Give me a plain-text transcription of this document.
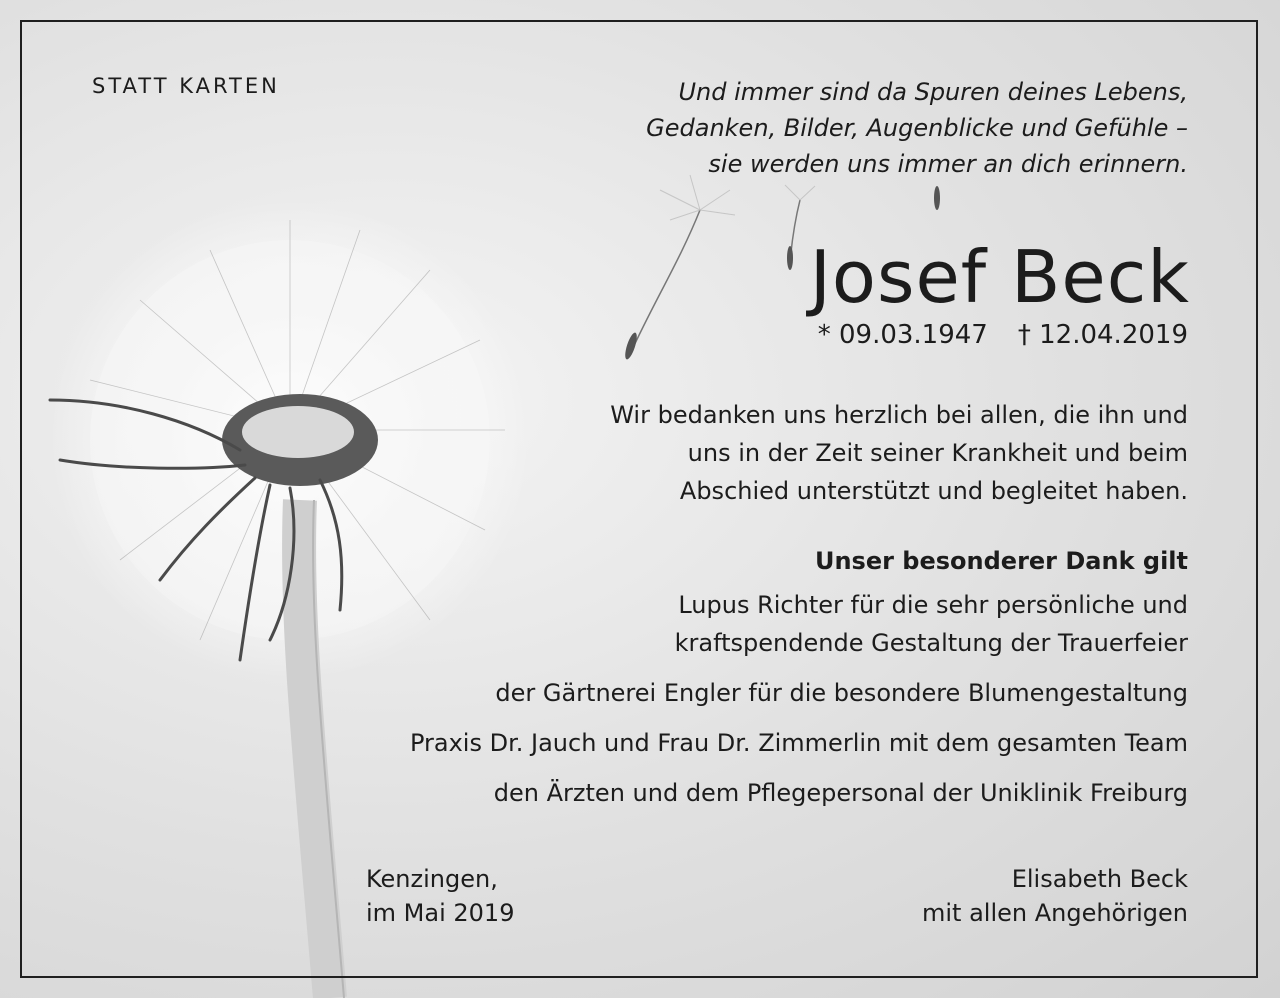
STATT KARTEN	Und immer sind da Spuren deines Lebens,
Gedanken, Bilder, Augenblicke und Gefühle –
sie werden uns immer an dich erinnern.
Josef Beck
* 09.03.1947 † 12.04.2019
Wir bedanken uns herzlich bei allen, die ihn und
uns in der Zeit seiner Krankheit und beim
Abschied unterstützt und begleitet haben.
Unser besonderer Dank gilt
Lupus Richter für die sehr persönliche und
kraftspendende Gestaltung der Trauerfeier
der Gärtnerei Engler für die besondere Blumengestaltung
Praxis Dr. Jauch und Frau Dr. Zimmerlin mit dem gesamten Team
den Ärzten und dem Pflegepersonal der Uniklinik Freiburg
Kenzingen,
im Mai 2019
Elisabeth Beck
mit allen Angehörigen
